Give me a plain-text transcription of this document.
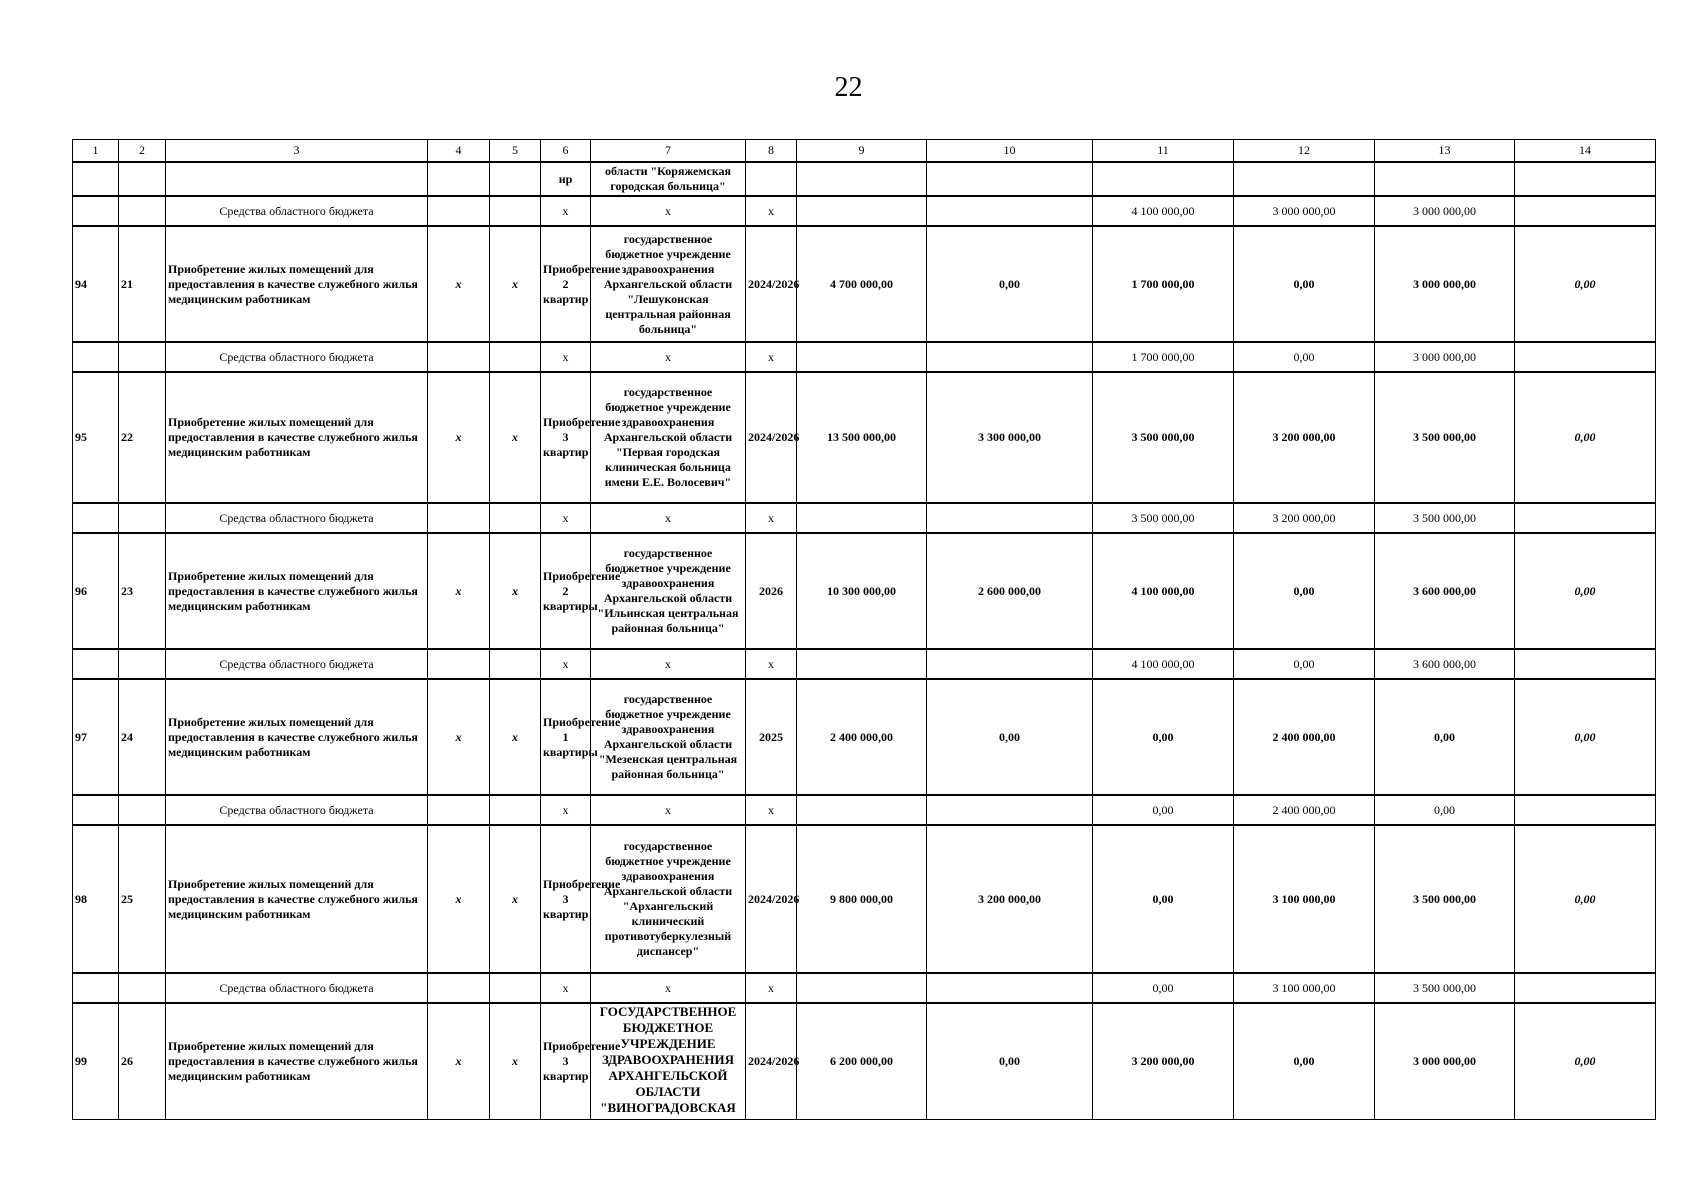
22
1	2	3	4	5	6	7	8	9	10	11	12	13	14
					ир	области "Коряжемская городская больница"							
		Средства областного бюджета			х	х	х			4 100 000,00	3 000 000,00	3 000 000,00	
94	21	Приобретение жилых помещений для предоставления в качестве служебного жилья медицинским работникам	х	х	Приобретение 2 квартир	государственное бюджетное учреждение здравоохранения Архангельской области "Лешуконская центральная районная больница"	2024/2026	4 700 000,00	0,00	1 700 000,00	0,00	3 000 000,00	0,00
		Средства областного бюджета			х	х	х			1 700 000,00	0,00	3 000 000,00	
95	22	Приобретение жилых помещений для предоставления в качестве служебного жилья медицинским работникам	х	х	Приобретение 3 квартир	государственное бюджетное учреждение здравоохранения Архангельской области "Первая городская клиническая больница имени Е.Е. Волосевич"	2024/2026	13 500 000,00	3 300 000,00	3 500 000,00	3 200 000,00	3 500 000,00	0,00
		Средства областного бюджета			х	х	х			3 500 000,00	3 200 000,00	3 500 000,00	
96	23	Приобретение жилых помещений для предоставления в качестве служебного жилья медицинским работникам	х	х	Приобретение 2 квартиры	государственное бюджетное учреждение здравоохранения Архангельской области "Ильинская центральная районная больница"	2026	10 300 000,00	2 600 000,00	4 100 000,00	0,00	3 600 000,00	0,00
		Средства областного бюджета			х	х	х			4 100 000,00	0,00	3 600 000,00	
97	24	Приобретение жилых помещений для предоставления в качестве служебного жилья медицинским работникам	х	х	Приобретение 1 квартиры	государственное бюджетное учреждение здравоохранения Архангельской области "Мезенская центральная районная больница"	2025	2 400 000,00	0,00	0,00	2 400 000,00	0,00	0,00
		Средства областного бюджета			х	х	х			0,00	2 400 000,00	0,00	
98	25	Приобретение жилых помещений для предоставления в качестве служебного жилья медицинским работникам	х	х	Приобретение 3 квартир	государственное бюджетное учреждение здравоохранения Архангельской области "Архангельский клинический противотуберкулезный диспансер"	2024/2026	9 800 000,00	3 200 000,00	0,00	3 100 000,00	3 500 000,00	0,00
		Средства областного бюджета			х	х	х			0,00	3 100 000,00	3 500 000,00	
99	26	Приобретение жилых помещений для предоставления в качестве служебного жилья медицинским работникам	х	х	Приобретение 3 квартир	ГОСУДАРСТВЕННОЕ БЮДЖЕТНОЕ УЧРЕЖДЕНИЕ ЗДРАВООХРАНЕНИЯ АРХАНГЕЛЬСКОЙ ОБЛАСТИ "ВИНОГРАДОВСКАЯ	2024/2026	6 200 000,00	0,00	3 200 000,00	0,00	3 000 000,00	0,00
